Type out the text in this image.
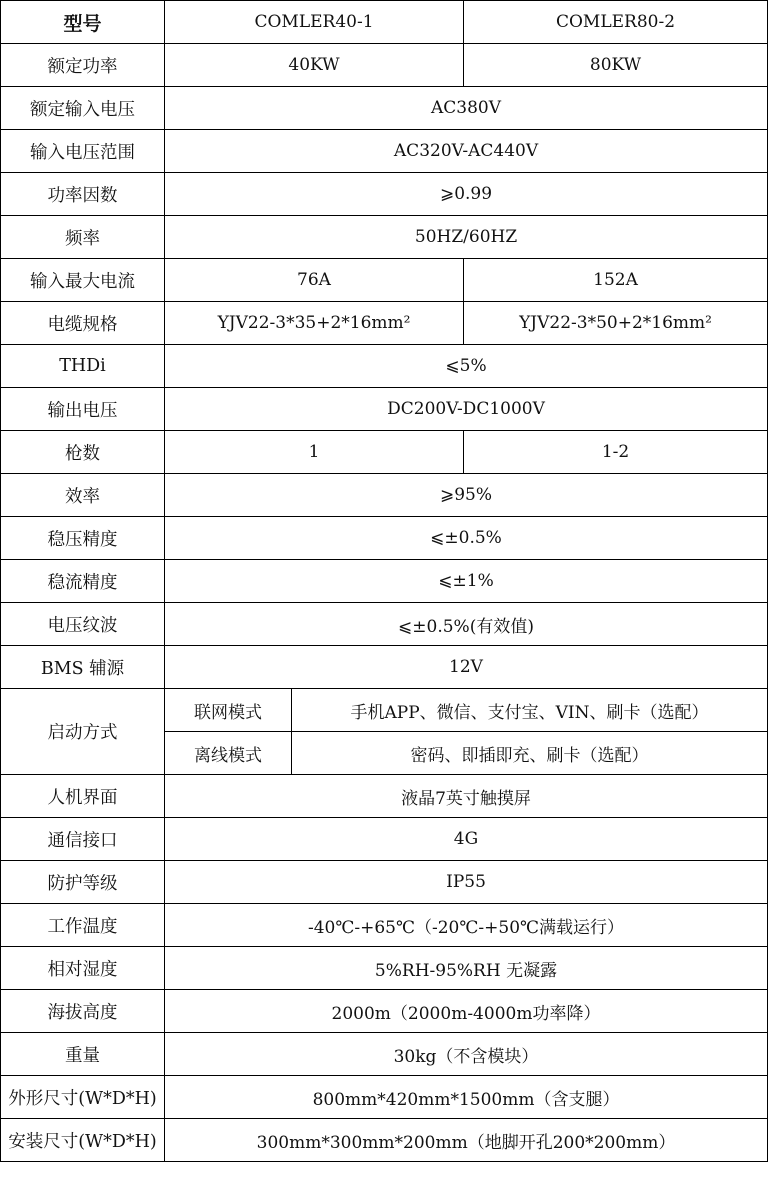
型号	COMLER40-1		COMLER80-2
额定功率	40KW		80KW
额定输入电压	AC380V		
输入电压范围	AC320V-AC440V		
功率因数	⩾0.99		
频率	50HZ/60HZ		
输入最大电流	76A		152A
电缆规格	YJV22-3*35+2*16mm²		YJV22-3*50+2*16mm²
THDi	⩽5%		
输出电压	DC200V-DC1000V		
枪数	1		1-2
效率	⩾95%		
稳压精度	⩽±0.5%		
稳流精度	⩽±1%		
电压纹波	⩽±0.5%(有效值)		
BMS 辅源	12V		
启动方式	联网模式	手机APP、微信、支付宝、VIN、刷卡（选配）	
	离线模式	密码、即插即充、刷卡（选配）	
人机界面	液晶7英寸触摸屏		
通信接口	4G		
防护等级	IP55		
工作温度	-40℃-+65℃（-20℃-+50℃满载运行）		
相对湿度	5%RH-95%RH 无凝露		
海拔高度	2000m（2000m-4000m功率降）		
重量	30kg（不含模块）		
外形尺寸(W*D*H)	800mm*420mm*1500mm（含支腿）		
安装尺寸(W*D*H)	300mm*300mm*200mm（地脚开孔200*200mm）		
